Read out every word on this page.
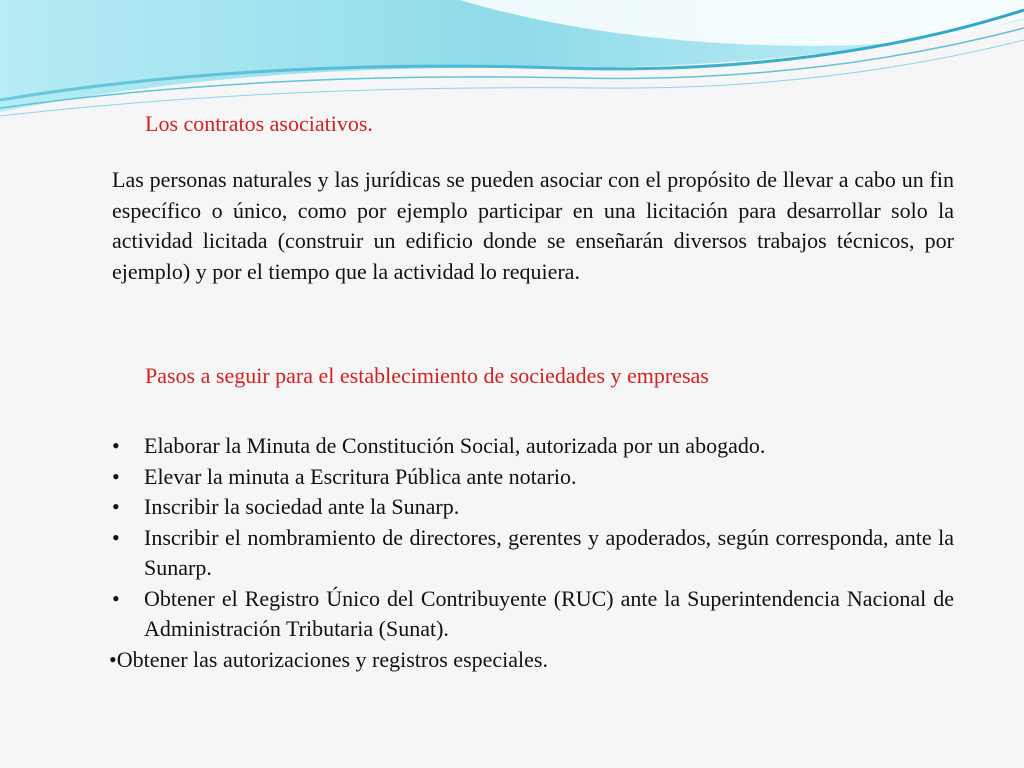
Los contratos asociativos.
Las personas naturales y las jurídicas se pueden asociar con el propósito de llevar a cabo un fin específico o único, como por ejemplo participar en una licitación para desarrollar solo la actividad licitada (construir un edificio donde se enseñarán diversos trabajos técnicos, por ejemplo) y por el tiempo que la actividad lo requiera.
Pasos a seguir para el establecimiento de sociedades y empresas
• Elaborar la Minuta de Constitución Social, autorizada por un abogado.
• Elevar la minuta a Escritura Pública ante notario.
• Inscribir la sociedad ante la Sunarp.
• Inscribir el nombramiento de directores, gerentes y apoderados, según corresponda, ante la Sunarp.
• Obtener el Registro Único del Contribuyente (RUC) ante la Superintendencia Nacional de Administración Tributaria (Sunat).
•Obtener las autorizaciones y registros especiales.
